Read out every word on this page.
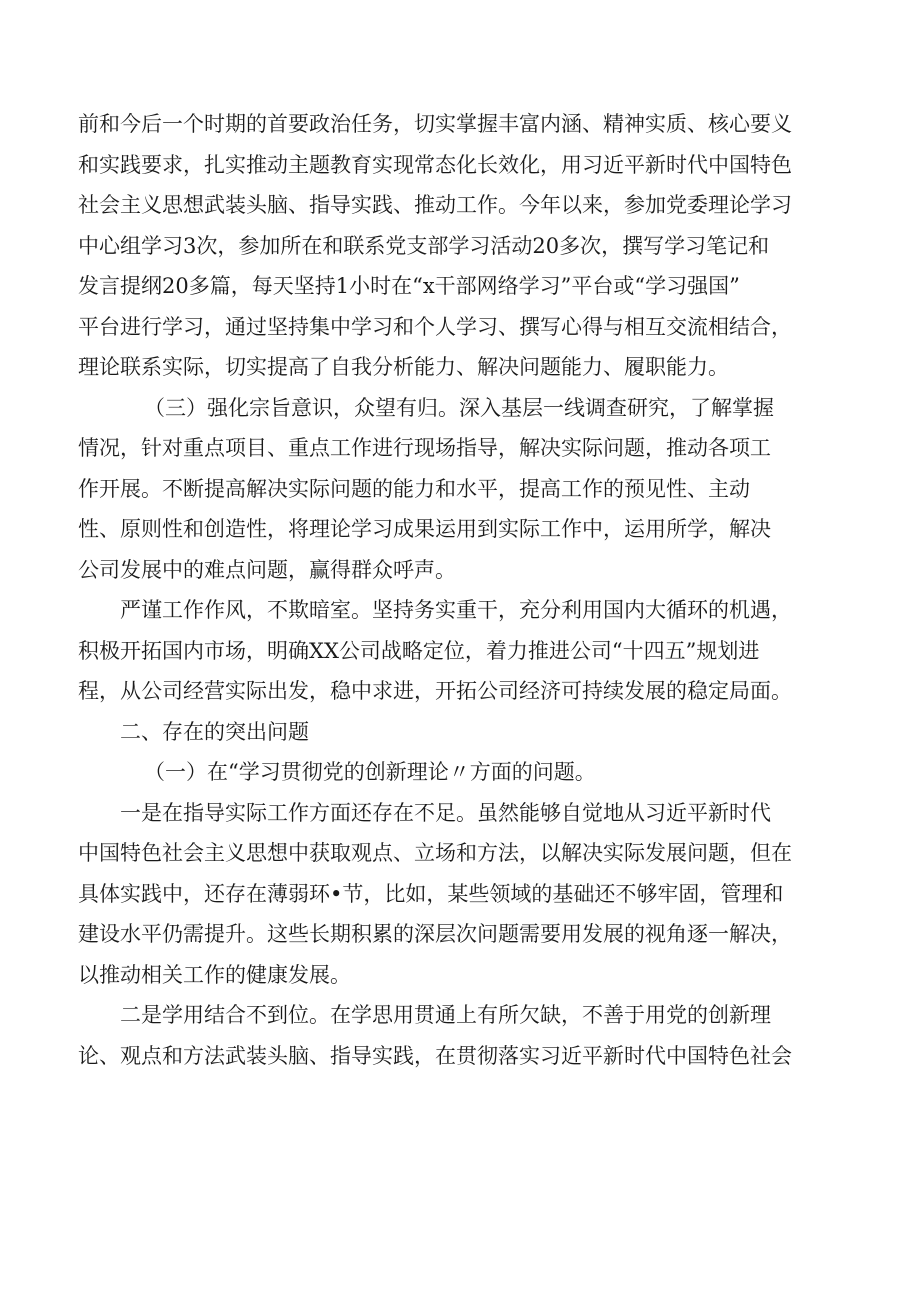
前和今后一个时期的首要政治任务，切实掌握丰富内涵、精神实质、核心要义
和实践要求，扎实推动主题教育实现常态化长效化，用习近平新时代中国特色
社会主义思想武装头脑、指导实践、推动工作。今年以来，参加党委理论学习
中心组学习3次，参加所在和联系党支部学习活动20多次，撰写学习笔记和
发言提纲20多篇，每天坚持1小时在“x干部网络学习”平台或“学习强国”
平台进行学习，通过坚持集中学习和个人学习、撰写心得与相互交流相结合，
理论联系实际，切实提高了自我分析能力、解决问题能力、履职能力。
（三）强化宗旨意识，众望有归。深入基层一线调查研究，了解掌握
情况，针对重点项目、重点工作进行现场指导，解决实际问题，推动各项工
作开展。不断提高解决实际问题的能力和水平，提高工作的预见性、主动
性、原则性和创造性，将理论学习成果运用到实际工作中，运用所学，解决
公司发展中的难点问题，赢得群众呼声。
严谨工作作风，不欺暗室。坚持务实重干，充分利用国内大循环的机遇，
积极开拓国内市场，明确XX公司战略定位，着力推进公司“十四五”规划进
程，从公司经营实际出发，稳中求进，开拓公司经济可持续发展的稳定局面。
二、存在的突出问题
（一）在“学习贯彻党的创新理论〃方面的问题。
一是在指导实际工作方面还存在不足。虽然能够自觉地从习近平新时代
中国特色社会主义思想中获取观点、立场和方法，以解决实际发展问题，但在
具体实践中，还存在薄弱环•节，比如，某些领域的基础还不够牢固，管理和
建设水平仍需提升。这些长期积累的深层次问题需要用发展的视角逐一解决，
以推动相关工作的健康发展。
二是学用结合不到位。在学思用贯通上有所欠缺，不善于用党的创新理
论、观点和方法武装头脑、指导实践，在贯彻落实习近平新时代中国特色社会
